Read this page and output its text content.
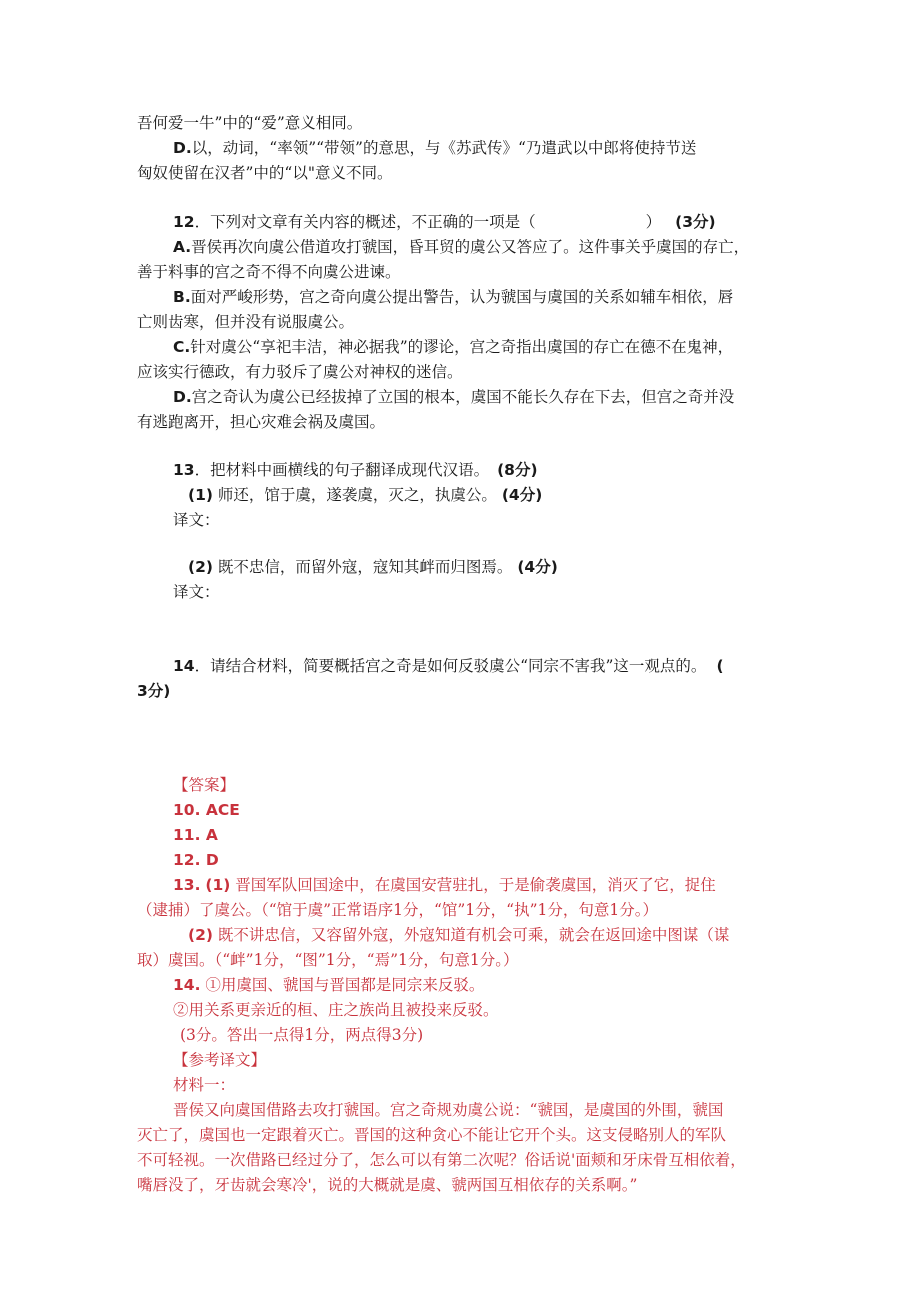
吾何爱一牛”中的“爱”意义相同。
D.以，动词，“率领”“带领”的意思，与《苏武传》“乃遣武以中郎将使持节送
匈奴使留在汉者”中的“以"意义不同。
12．下列对文章有关内容的概述，不正确的一项是（	） (3分)
A.晋侯再次向虞公借道攻打虢国，昏耳贸的虞公又答应了。这件事关乎虞国的存亡，
善于料事的宫之奇不得不向虞公进谏。
B.面对严峻形势，宫之奇向虞公提出警告，认为虢国与虞国的关系如辅车相依，唇
亡则齿寒，但并没有说服虞公。
C.针对虞公“享祀丰洁，神必据我”的谬论，宫之奇指出虞国的存亡在德不在鬼神，
应该实行德政，有力驳斥了虞公对神权的迷信。
D.宫之奇认为虞公已经拔掉了立国的根本，虞国不能长久存在下去，但宫之奇并没
有逃跑离开，担心灾难会祸及虞国。
13．把材料中画横线的句子翻译成现代汉语。 (8分)
(1) 师还，馆于虞，遂袭虞，灭之，执虞公。 (4分)
译文：
(2) 既不忠信，而留外寇，寇知其衅而归图焉。 (4分)
译文：
14．请结合材料，简要概括宫之奇是如何反驳虞公“同宗不害我”这一观点的。 (
3分)
【答案】
10. ACE
11. A
12. D
13. (1) 晋国军队回国途中，在虞国安营驻扎，于是偷袭虞国，消灭了它，捉住
（逮捕）了虞公。（“馆于虞”正常语序1分，“馆”1分，“执”1分，句意1分。）
(2) 既不讲忠信，又容留外寇，外寇知道有机会可乘，就会在返回途中图谋（谋
取）虞国。（“衅”1分，“图”1分，“焉”1分，句意1分。）
14. ①用虞国、虢国与晋国都是同宗来反驳。
②用关系更亲近的桓、庄之族尚且被投来反驳。
(3分。答出一点得1分，两点得3分)
【参考译文】
材料一：
晋侯又向虞国借路去攻打虢国。宫之奇规劝虞公说：“虢国，是虞国的外围，虢国
灭亡了，虞国也一定跟着灭亡。晋国的这种贪心不能让它开个头。这支侵略别人的军队
不可轻视。一次借路已经过分了，怎么可以有第二次呢？俗话说'面颊和牙床骨互相依着，
嘴唇没了，牙齿就会寒冷'，说的大概就是虞、虢两国互相依存的关系啊。”
